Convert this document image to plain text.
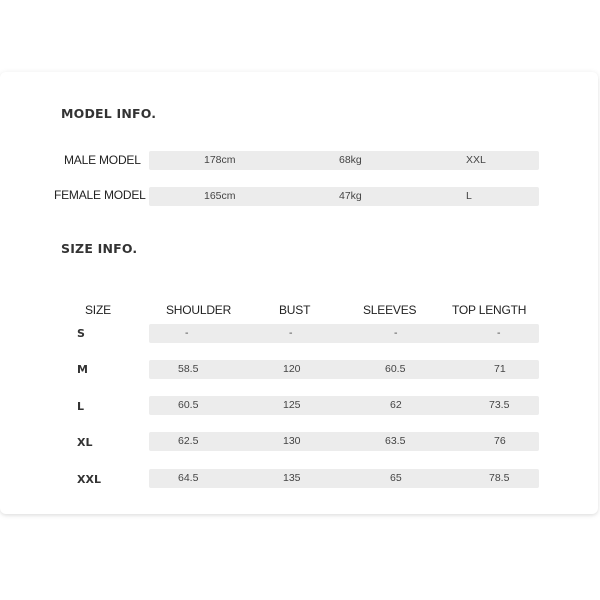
MODEL INFO.
MALE MODEL	178cm	68kg	XXL
FEMALE MODEL	165cm	47kg	L
SIZE INFO.
SIZE	SHOULDER	BUST	SLEEVES	TOP LENGTH
S	-	-	-	-
M	58.5	120	60.5	71
L	60.5	125	62	73.5
XL	62.5	130	63.5	76
XXL	64.5	135	65	78.5
